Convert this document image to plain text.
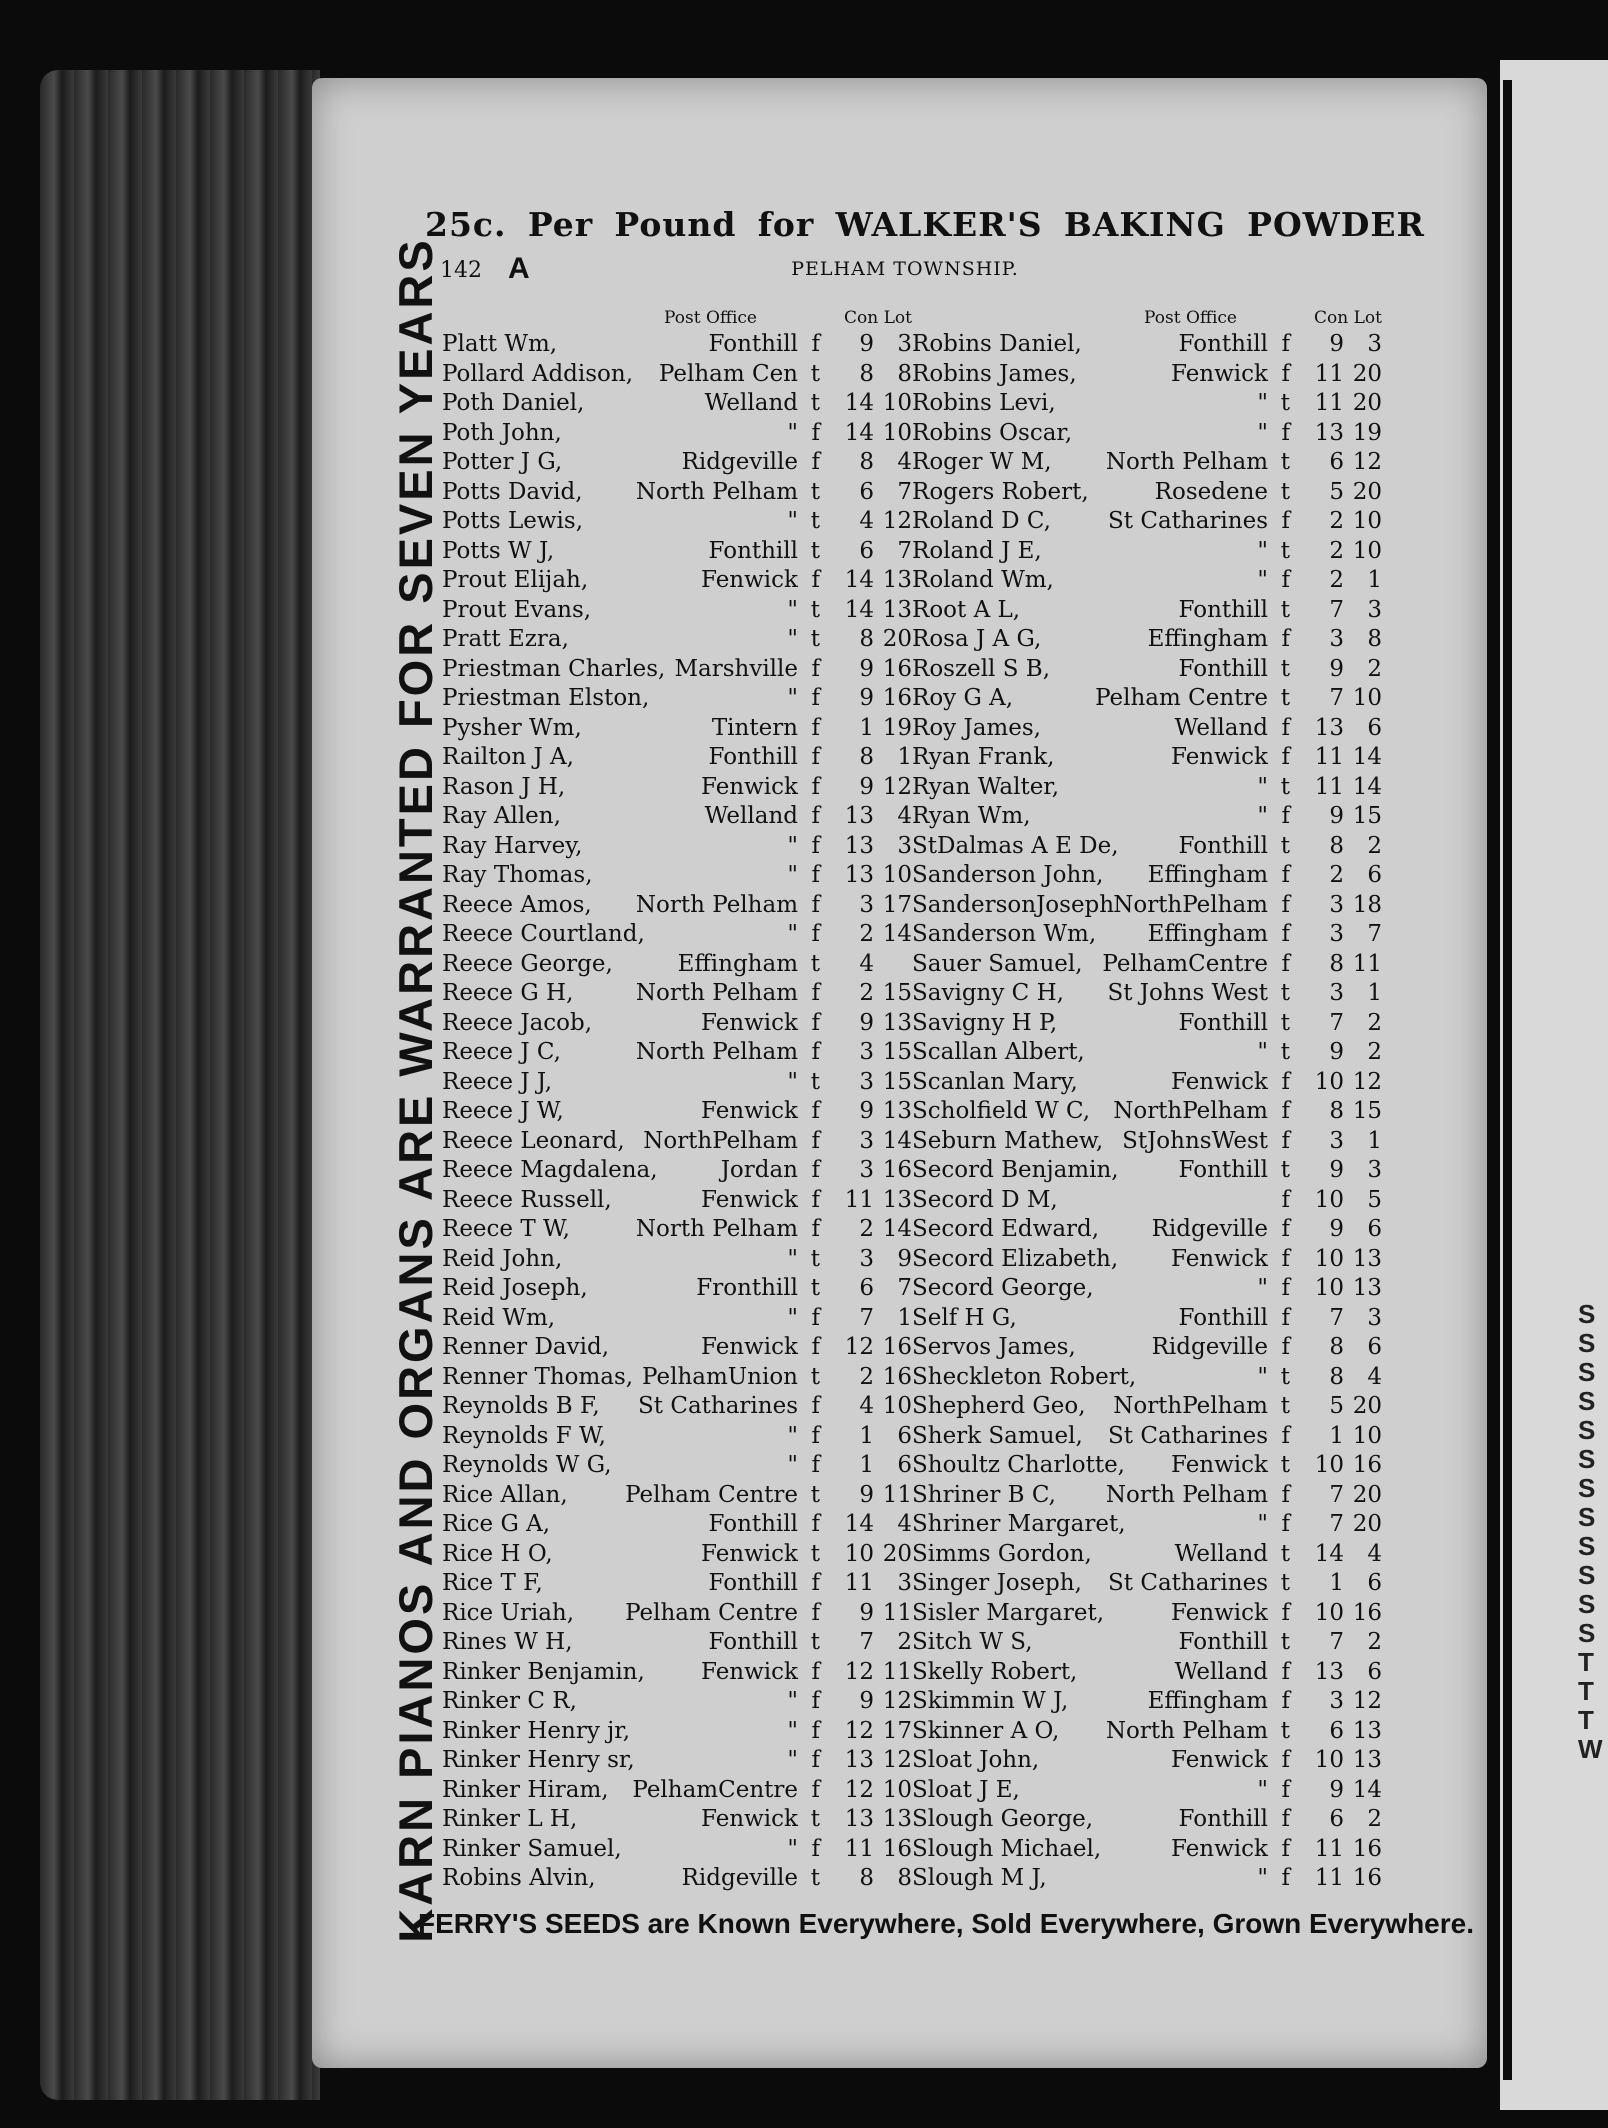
S
S
S
S
S
S
S
S
S
S
S
S
T
T
T
W
25c. Per Pound for WALKER'S BAKING POWDER
142 A	PELHAM TOWNSHIP.
KARN PIANOS AND ORGANS ARE WARRANTED FOR SEVEN YEARS	Post Office	Con Lot
Platt Wm,	Fonthill f	9	3
Pollard Addison, Pelham Cen t	8	8
Poth Daniel,	Welland t 14 10
Poth John,	" f 14 10
Potter J G,	Ridgeville f	8	4
Potts David, North Pelham t	6	7
Potts Lewis,	" t	4 12
Potts W J,	Fonthill t	6	7
Prout Elijah,	Fenwick f 14 13
Prout Evans,	" t 14 13
Pratt Ezra,	" t	8 20
Priestman Charles, Marshville f	9 16
Priestman Elston,	" f	9 16
Pysher Wm,	Tintern f	1 19
Railton J A,	Fonthill f	8	1
Rason J H,	Fenwick f	9 12
Ray Allen,	Welland f 13	4
Ray Harvey,	" f 13	3
Ray Thomas,	" f 13 10
Reece Amos, North Pelham f	3 17
Reece Courtland,	" f	2 14
Reece George,	Effingham t	4
Reece G H,	North Pelham f	2 15
Reece Jacob,	Fenwick f	9 13
Reece J C,	North Pelham f	3 15
Reece J J,	" t	3 15
Reece J W,	Fenwick f	9 13
Reece Leonard, NorthPelham f	3 14
Reece Magdalena,	Jordan f	3 16
Reece Russell,	Fenwick f 11 13
Reece T W,	North Pelham f	2 14
Reid John,	" t	3	9
Reid Joseph,	Fronthill t	6	7
Reid Wm,	" f	7	1
Renner David,	Fenwick f 12 16
Renner Thomas, PelhamUnion t	2 16
Reynolds B F, St Catharines f	4 10
Reynolds F W,	" f	1	6
Reynolds W G,	" f	1	6
Rice Allan, Pelham Centre t	9 11
Rice G A,	Fonthill f 14	4
Rice H O,	Fenwick t 10 20
Rice T F,	Fonthill f 11	3
Rice Uriah, Pelham Centre f	9 11
Rines W H,	Fonthill t	7	2
Rinker Benjamin, Fenwick f 12 11
Rinker C R,	" f	9 12
Rinker Henry jr,	" f 12 17
Rinker Henry sr,	" f 13 12
Rinker Hiram, PelhamCentre f 12 10
Rinker L H,	Fenwick t 13 13
Rinker Samuel,	" f 11 16
Robins Alvin,	Ridgeville t	8	8
Post Office	Con Lot
Robins Daniel,	Fonthill f	9	3
Robins James,	Fenwick f 11 20
Robins Levi,	" t 11 20
Robins Oscar,	" f 13 19
Roger W M, North Pelham t	6 12
Rogers Robert,	Rosedene t	5 20
Roland D C, St Catharines f	2 10
Roland J E,	" t	2 10
Roland Wm,	" f	2	1
Root A L,	Fonthill t	7	3
Rosa J A G,	Effingham f	3	8
Roszell S B,	Fonthill t	9	2
Roy G A,	Pelham Centre t	7 10
Roy James,	Welland f 13	6
Ryan Frank,	Fenwick f 11 14
Ryan Walter,	" t 11 14
Ryan Wm,	" f	9 15
StDalmas A E De,	Fonthill t	8	2
Sanderson John, Effingham f	2	6
SandersonJoseph NorthPelham f	3 18
Sanderson Wm, Effingham f	3	7
Sauer Samuel, PelhamCentre f	8 11
Savigny C H, St Johns West t	3	1
Savigny H P,	Fonthill t	7	2
Scallan Albert,	" t	9	2
Scanlan Mary,	Fenwick f 10 12
Scholfield W C, NorthPelham f	8 15
Seburn Mathew, StJohnsWest f	3	1
Secord Benjamin,	Fonthill t	9	3
Secord D M,	f 10	5
Secord Edward, Ridgeville f	9	6
Secord Elizabeth, Fenwick f 10 13
Secord George,	" f 10 13
Self H G,	Fonthill f	7	3
Servos James,	Ridgeville f	8	6
Sheckleton Robert,	" t	8	4
Shepherd Geo, NorthPelham t	5 20
Sherk Samuel, St Catharines f	1 10
Shoultz Charlotte, Fenwick t 10 16
Shriner B C, North Pelham f	7 20
Shriner Margaret,	" f	7 20
Simms Gordon,	Welland t 14	4
Singer Joseph, St Catharines t	1	6
Sisler Margaret,	Fenwick f 10 16
Sitch W S,	Fonthill t	7	2
Skelly Robert,	Welland f 13	6
Skimmin W J,	Effingham f	3 12
Skinner A O, North Pelham t	6 13
Sloat John,	Fenwick f 10 13
Sloat J E,	" f	9 14
Slough George,	Fonthill f	6	2
Slough Michael,	Fenwick f 11 16
Slough M J,	" f 11 16
FERRY'S SEEDS are Known Everywhere, Sold Everywhere, Grown Everywhere.
